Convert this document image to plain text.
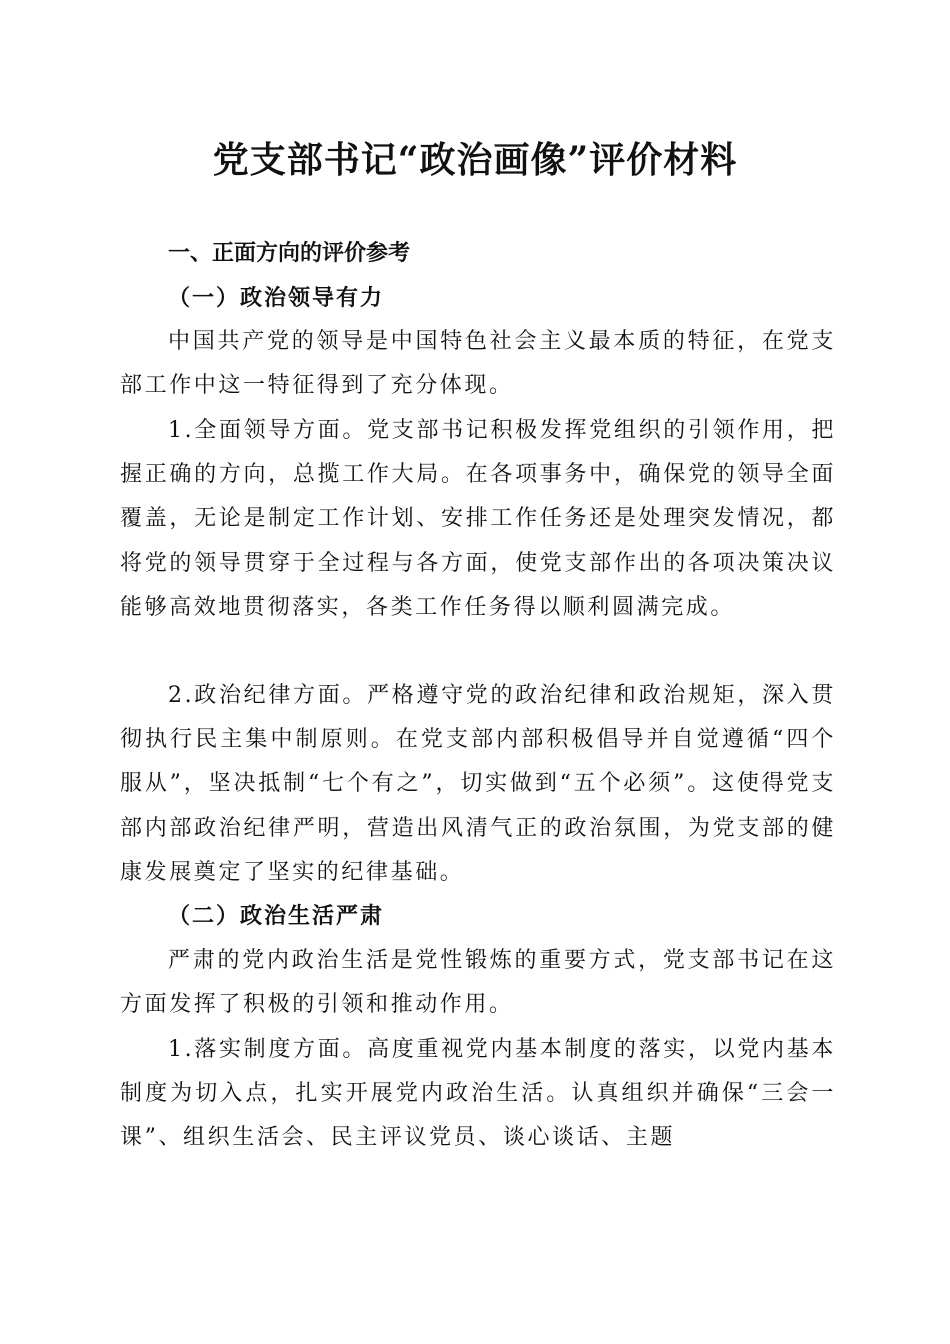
党支部书记“政治画像”评价材料
一、正面方向的评价参考
（一）政治领导有力

中国共产党的领导是中国特色社会主义最本质的特征，在党支部工作中这一特征得到了充分体现。

1.全面领导方面。党支部书记积极发挥党组织的引领作用，把握正确的方向，总揽工作大局。在各项事务中，确保党的领导全面覆盖，无论是制定工作计划、安排工作任务还是处理突发情况，都将党的领导贯穿于全过程与各方面，使党支部作出的各项决策决议能够高效地贯彻落实，各类工作任务得以顺利圆满完成。

2.政治纪律方面。严格遵守党的政治纪律和政治规矩，深入贯彻执行民主集中制原则。在党支部内部积极倡导并自觉遵循“四个服从”，坚决抵制“七个有之”，切实做到“五个必须”。这使得党支部内部政治纪律严明，营造出风清气正的政治氛围，为党支部的健康发展奠定了坚实的纪律基础。

（二）政治生活严肃

严肃的党内政治生活是党性锻炼的重要方式，党支部书记在这方面发挥了积极的引领和推动作用。

1.落实制度方面。高度重视党内基本制度的落实，以党内基本制度为切入点，扎实开展党内政治生活。认真组织并确保“三会一课”、组织生活会、民主评议党员、谈心谈话、主题
